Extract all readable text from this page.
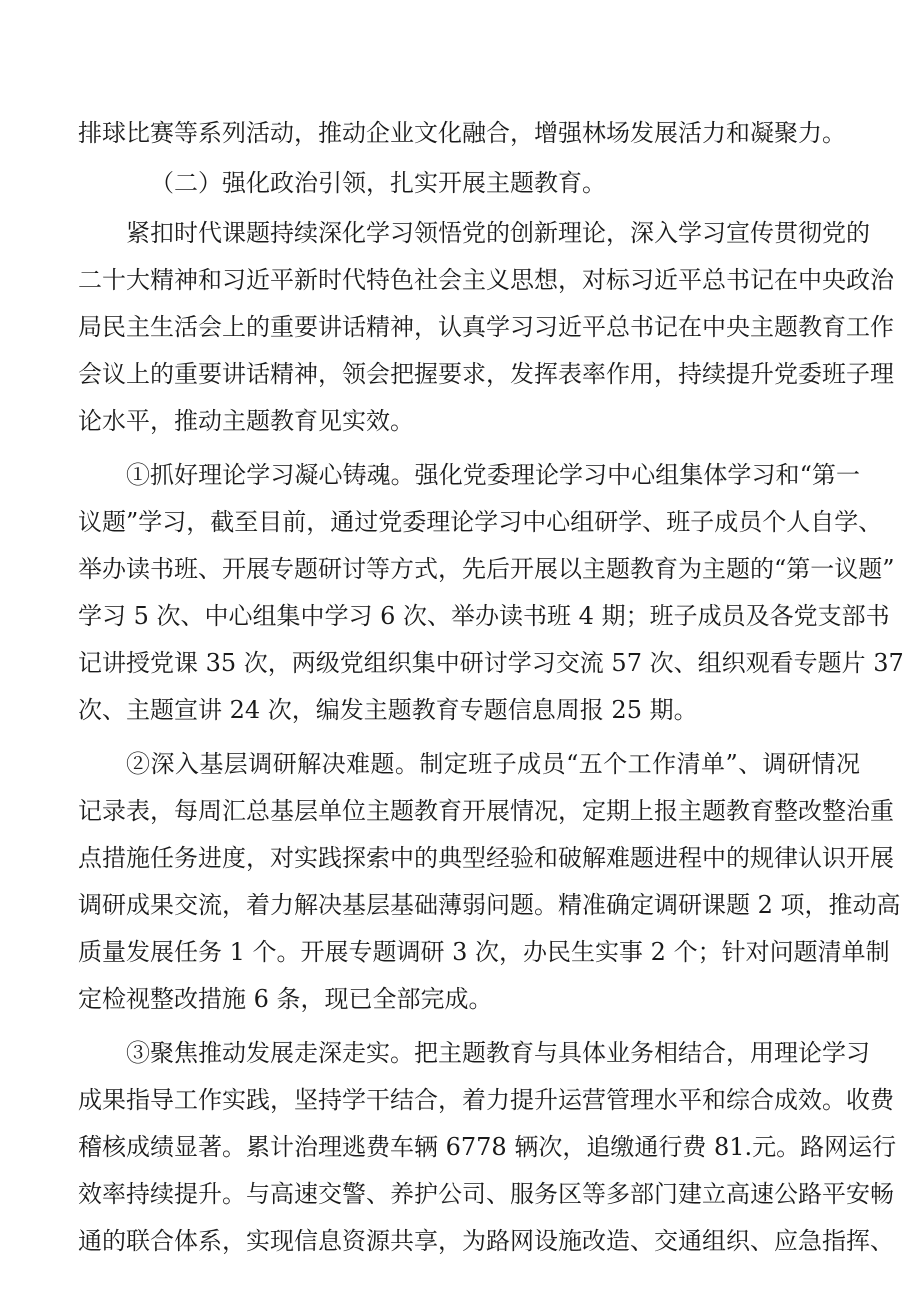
排球比赛等系列活动，推动企业文化融合，增强林场发展活力和凝聚力。
（二）强化政治引领，扎实开展主题教育。
紧扣时代课题持续深化学习领悟党的创新理论，深入学习宣传贯彻党的
二十大精神和习近平新时代特色社会主义思想，对标习近平总书记在中央政治
局民主生活会上的重要讲话精神，认真学习习近平总书记在中央主题教育工作
会议上的重要讲话精神，领会把握要求，发挥表率作用，持续提升党委班子理
论水平，推动主题教育见实效。
①抓好理论学习凝心铸魂。强化党委理论学习中心组集体学习和“第一
议题”学习，截至目前，通过党委理论学习中心组研学、班子成员个人自学、
举办读书班、开展专题研讨等方式，先后开展以主题教育为主题的“第一议题”
学习 5 次、中心组集中学习 6 次、举办读书班 4 期；班子成员及各党支部书
记讲授党课 35 次，两级党组织集中研讨学习交流 57 次、组织观看专题片 37
次、主题宣讲 24 次，编发主题教育专题信息周报 25 期。
②深入基层调研解决难题。制定班子成员“五个工作清单”、调研情况
记录表，每周汇总基层单位主题教育开展情况，定期上报主题教育整改整治重
点措施任务进度，对实践探索中的典型经验和破解难题进程中的规律认识开展
调研成果交流，着力解决基层基础薄弱问题。精准确定调研课题 2 项，推动高
质量发展任务 1 个。开展专题调研 3 次，办民生实事 2 个；针对问题清单制
定检视整改措施 6 条，现已全部完成。
③聚焦推动发展走深走实。把主题教育与具体业务相结合，用理论学习
成果指导工作实践，坚持学干结合，着力提升运营管理水平和综合成效。收费
稽核成绩显著。累计治理逃费车辆 6778 辆次，追缴通行费 81.元。路网运行
效率持续提升。与高速交警、养护公司、服务区等多部门建立高速公路平安畅
通的联合体系，实现信息资源共享，为路网设施改造、交通组织、应急指挥、
